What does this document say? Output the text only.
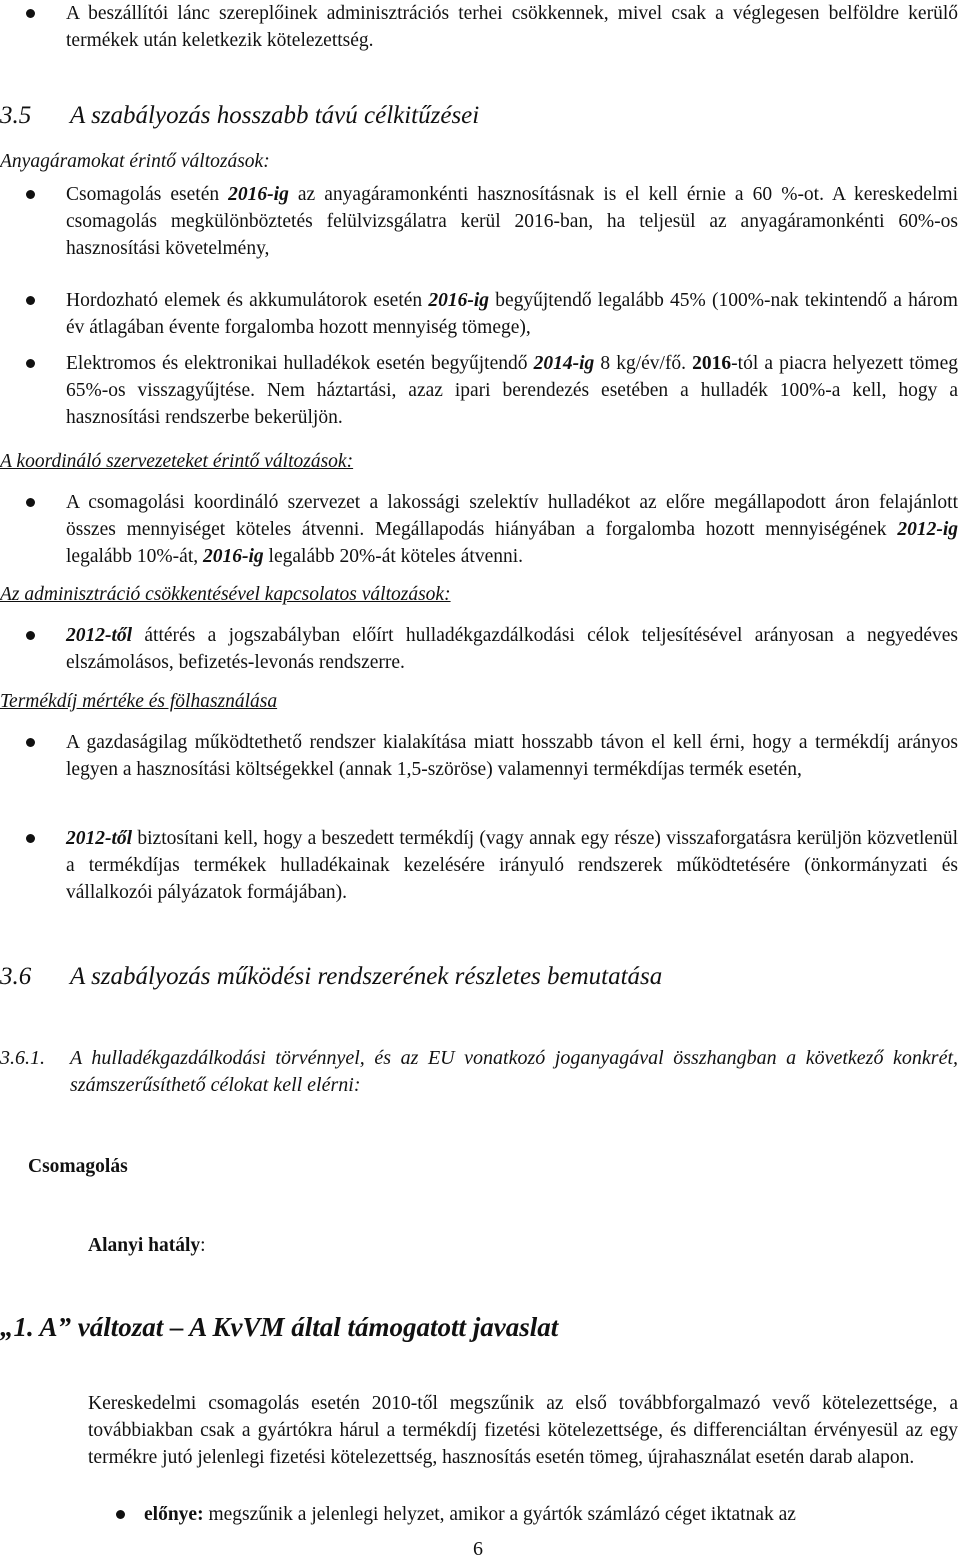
A beszállítói lánc szereplőinek adminisztrációs terhei csökkennek, mivel csak a véglegesen belföldre kerülő termékek után keletkezik kötelezettség.

3.5 A szabályozás hosszabb távú célkitűzései
Anyagáramokat érintő változások:

Csomagolás esetén 2016-ig az anyagáramonkénti hasznosításnak is el kell érnie a 60 %-ot. A kereskedelmi csomagolás megkülönböztetés felülvizsgálatra kerül 2016-ban, ha teljesül az anyagáramonkénti 60%-os hasznosítási követelmény,

Hordozható elemek és akkumulátorok esetén 2016-ig begyűjtendő legalább 45% (100%-nak tekintendő a három év átlagában évente forgalomba hozott mennyiség tömege),

Elektromos és elektronikai hulladékok esetén begyűjtendő 2014-ig 8 kg/év/fő. 2016-tól a piacra helyezett tömeg 65%-os visszagyűjtése. Nem háztartási, azaz ipari berendezés esetében a hulladék 100%-a kell, hogy a hasznosítási rendszerbe bekerüljön.

A koordináló szervezeteket érintő változások:

A csomagolási koordináló szervezet a lakossági szelektív hulladékot az előre megállapodott áron felajánlott összes mennyiséget köteles átvenni. Megállapodás hiányában a forgalomba hozott mennyiségének 2012-ig legalább 10%-át, 2016-ig legalább 20%-át köteles átvenni.

Az adminisztráció csökkentésével kapcsolatos változások:

2012-től áttérés a jogszabályban előírt hulladékgazdálkodási célok teljesítésével arányosan a negyedéves elszámolásos, befizetés-levonás rendszerre.

Termékdíj mértéke és fölhasználása

A gazdaságilag működtethető rendszer kialakítása miatt hosszabb távon el kell érni, hogy a termékdíj arányos legyen a hasznosítási költségekkel (annak 1,5-szöröse) valamennyi termékdíjas termék esetén,

2012-től biztosítani kell, hogy a beszedett termékdíj (vagy annak egy része) visszaforgatásra kerüljön közvetlenül a termékdíjas termékek hulladékainak kezelésére irányuló rendszerek működtetésére (önkormányzati és vállalkozói pályázatok formájában).

3.6 A szabályozás működési rendszerének részletes bemutatása
3.6.1. A hulladékgazdálkodási törvénnyel, és az EU vonatkozó joganyagával összhangban a következő konkrét, számszerűsíthető célokat kell elérni:

Csomagolás
Alanyi hatály:
„1. A” változat – A KvVM által támogatott javaslat

Kereskedelmi csomagolás esetén 2010-től megszűnik az első továbbforgalmazó vevő kötelezettsége, a továbbiakban csak a gyártókra hárul a termékdíj fizetési kötelezettsége, és differenciáltan érvényesül az egy termékre jutó jelenlegi fizetési kötelezettség, hasznosítás esetén tömeg, újrahasználat esetén darab alapon.

előnye: megszűnik a jelenlegi helyzet, amikor a gyártók számlázó céget iktatnak az

6
